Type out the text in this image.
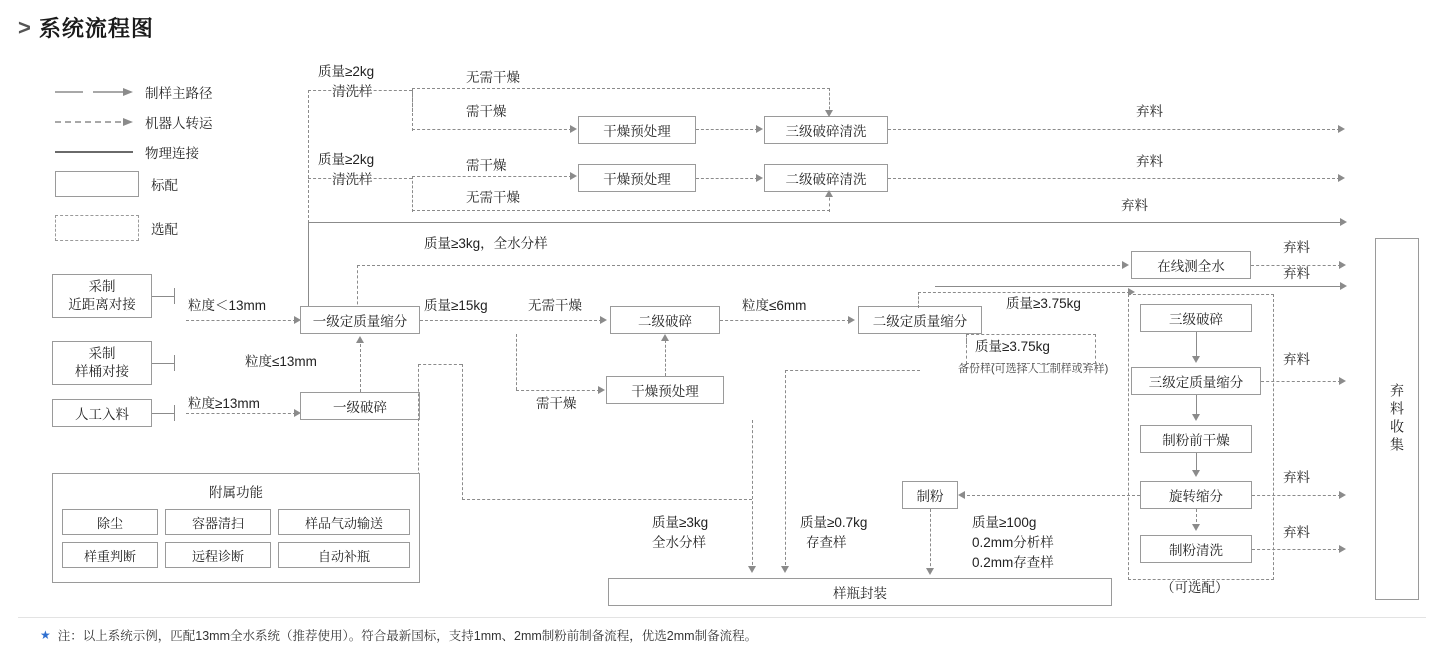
> 系统流程图
制样主路径
机器人转运
物理连接
标配
选配
质量≥2kg
清洗样
无需干燥
需干燥
质量≥2kg
清洗样
需干燥
无需干燥
干燥预处理	三级破碎清洗
干燥预处理	二级破碎清洗
弃料
弃料
弃料
弃料
弃料
弃料
弃料
弃料
质量≥3kg，全水分样
在线测全水
采制
近距离对接
采制
样桶对接
人工入料
粒度＜13mm
粒度≤13mm
粒度≥13mm
一级定质量缩分
一级破碎
二级破碎
干燥预处理
二级定质量缩分	三级破碎
三级定质量缩分
制粉前干燥
旋转缩分
制粉清洗
制粉
（可选配）
质量≥15kg	无需干燥
需干燥
粒度≤6mm	质量≥3.75kg
质量≥3.75kg
备份样(可选择人工制样或弃样)
质量≥100g
0.2mm分析样
0.2mm存查样
质量≥0.7kg
存查样
质量≥3kg
全水分样
样瓶封装
弃料收集
附属功能
除尘	容器清扫	样品气动输送
样重判断	远程诊断	自动补瓶
★ 注：以上系统示例，匹配13mm全水系统（推荐使用）。符合最新国标，支持1mm、2mm制粉前制备流程，优选2mm制备流程。
